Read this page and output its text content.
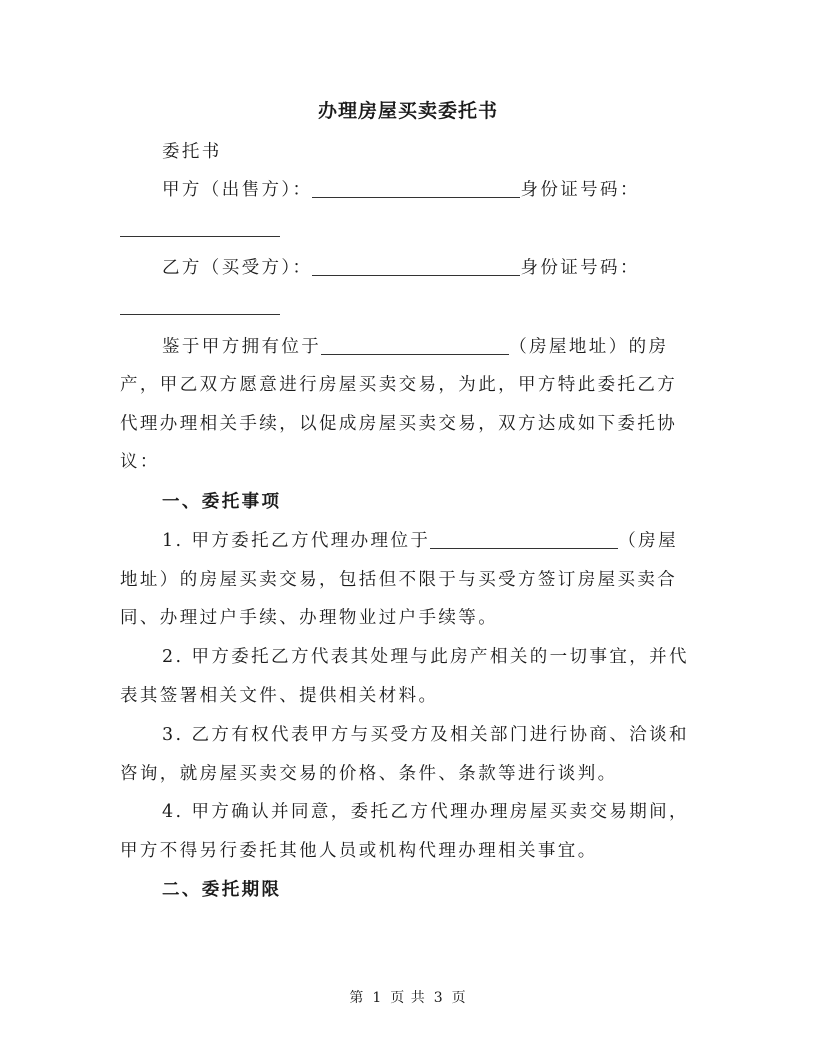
办理房屋买卖委托书
委托书
甲方（出售方）：	身份证号码：
乙方（买受方）：	身份证号码：
鉴于甲方拥有位于	（房屋地址）的房
产，甲乙双方愿意进行房屋买卖交易，为此，甲方特此委托乙方
代理办理相关手续，以促成房屋买卖交易，双方达成如下委托协
议：
一、委托事项
1. 甲方委托乙方代理办理位于	（房屋
地址）的房屋买卖交易，包括但不限于与买受方签订房屋买卖合
同、办理过户手续、办理物业过户手续等。
2. 甲方委托乙方代表其处理与此房产相关的一切事宜，并代
表其签署相关文件、提供相关材料。
3. 乙方有权代表甲方与买受方及相关部门进行协商、洽谈和
咨询，就房屋买卖交易的价格、条件、条款等进行谈判。
4. 甲方确认并同意，委托乙方代理办理房屋买卖交易期间，
甲方不得另行委托其他人员或机构代理办理相关事宜。
二、委托期限
第 1 页 共 3 页
